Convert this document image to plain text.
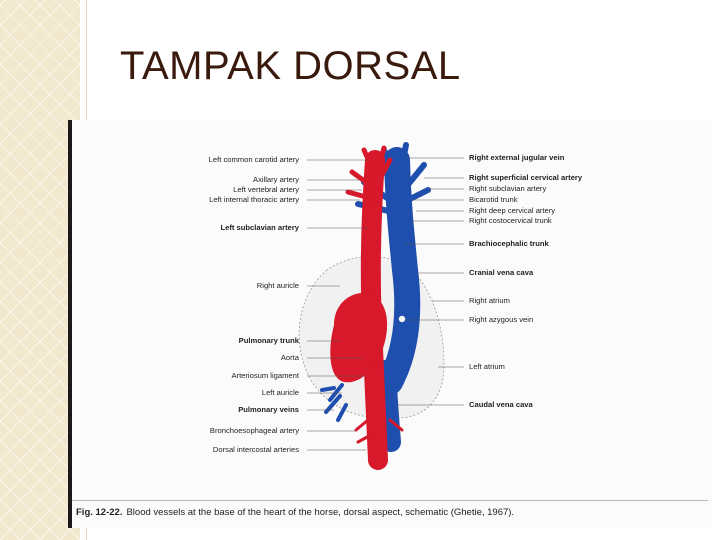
TAMPAK DORSAL
Left common carotid artery
Axillary artery
Left vertebral artery
Left internal thoracic artery
Left subclavian artery
Right auricle
Pulmonary trunk
Aorta
Arteriosum ligament
Left auricle
Pulmonary veins
Bronchoesophageal artery
Dorsal intercostal arteries
Right external jugular vein
Right superficial cervical artery
Right subclavian artery
Bicarotid trunk
Right deep cervical artery
Right costocervical trunk
Brachiocephalic trunk
Cranial vena cava
Right atrium
Right azygous vein
Left atrium
Caudal vena cava
Fig. 12-22. Blood vessels at the base of the heart of the horse, dorsal aspect, schematic (Ghetie, 1967).
